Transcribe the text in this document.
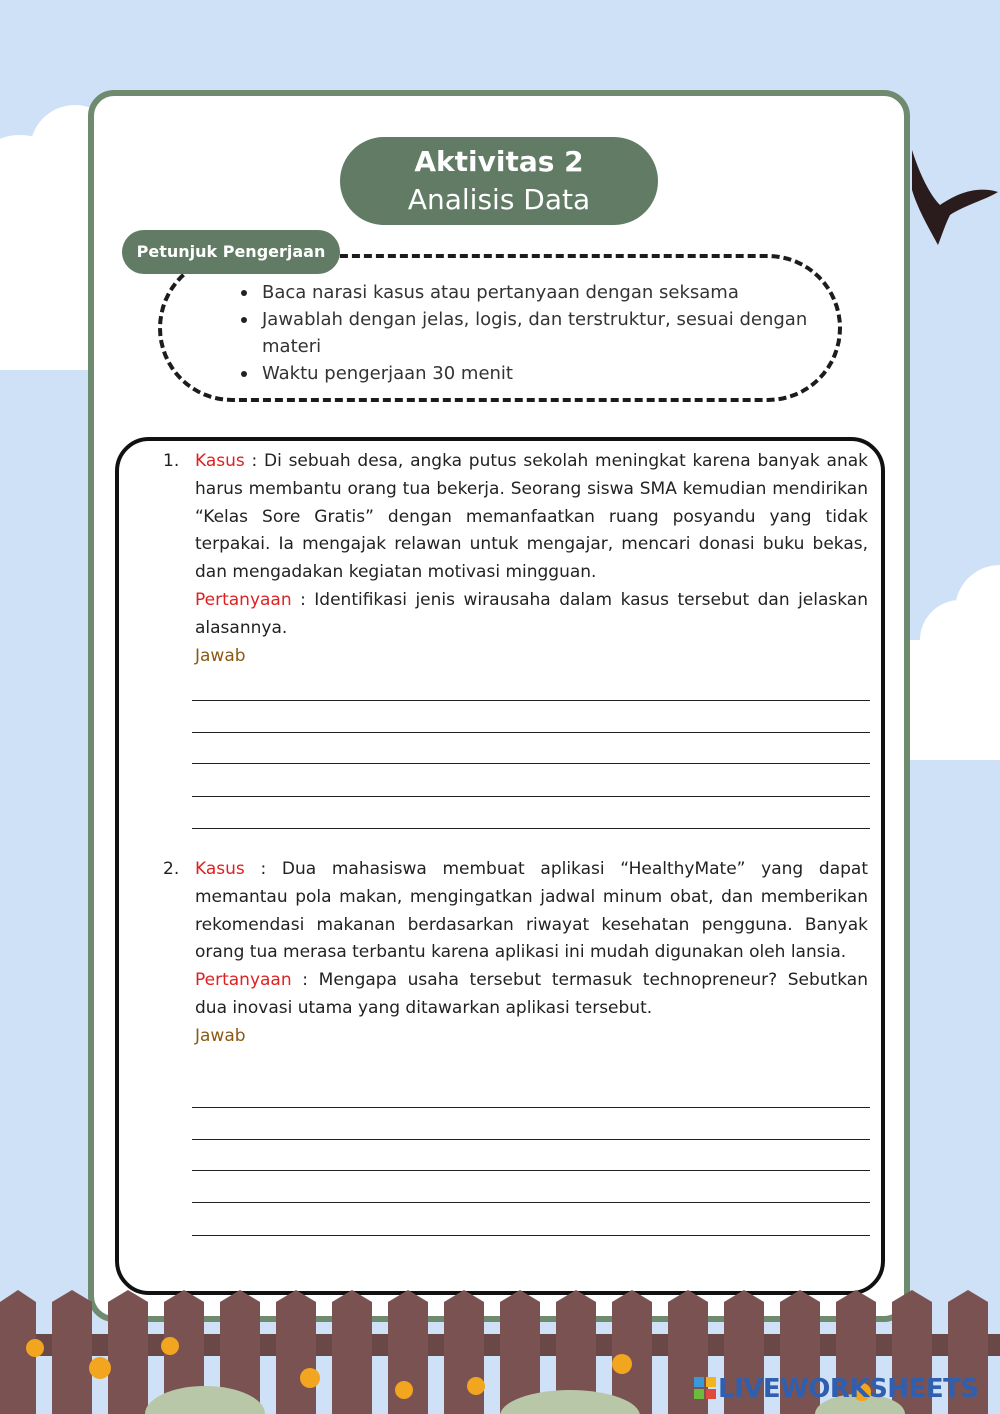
Aktivitas 2
Analisis Data
Petunjuk Pengerjaan
Baca narasi kasus atau pertanyaan dengan seksama
Jawablah dengan jelas, logis, dan terstruktur, sesuai dengan materi
Waktu pengerjaan 30 menit
1. Kasus : Di sebuah desa, angka putus sekolah meningkat karena banyak anak harus membantu orang tua bekerja. Seorang siswa SMA kemudian mendirikan “Kelas Sore Gratis” dengan memanfaatkan ruang posyandu yang tidak terpakai. Ia mengajak relawan untuk mengajar, mencari donasi buku bekas, dan mengadakan kegiatan motivasi mingguan.

Pertanyaan : Identifikasi jenis wirausaha dalam kasus tersebut dan jelaskan alasannya.

Jawab

2. Kasus : Dua mahasiswa membuat aplikasi “HealthyMate” yang dapat memantau pola makan, mengingatkan jadwal minum obat, dan memberikan rekomendasi makanan berdasarkan riwayat kesehatan pengguna. Banyak orang tua merasa terbantu karena aplikasi ini mudah digunakan oleh lansia.

Pertanyaan : Mengapa usaha tersebut termasuk technopreneur? Sebutkan dua inovasi utama yang ditawarkan aplikasi tersebut.

Jawab

LIVEWORKSHEETS
